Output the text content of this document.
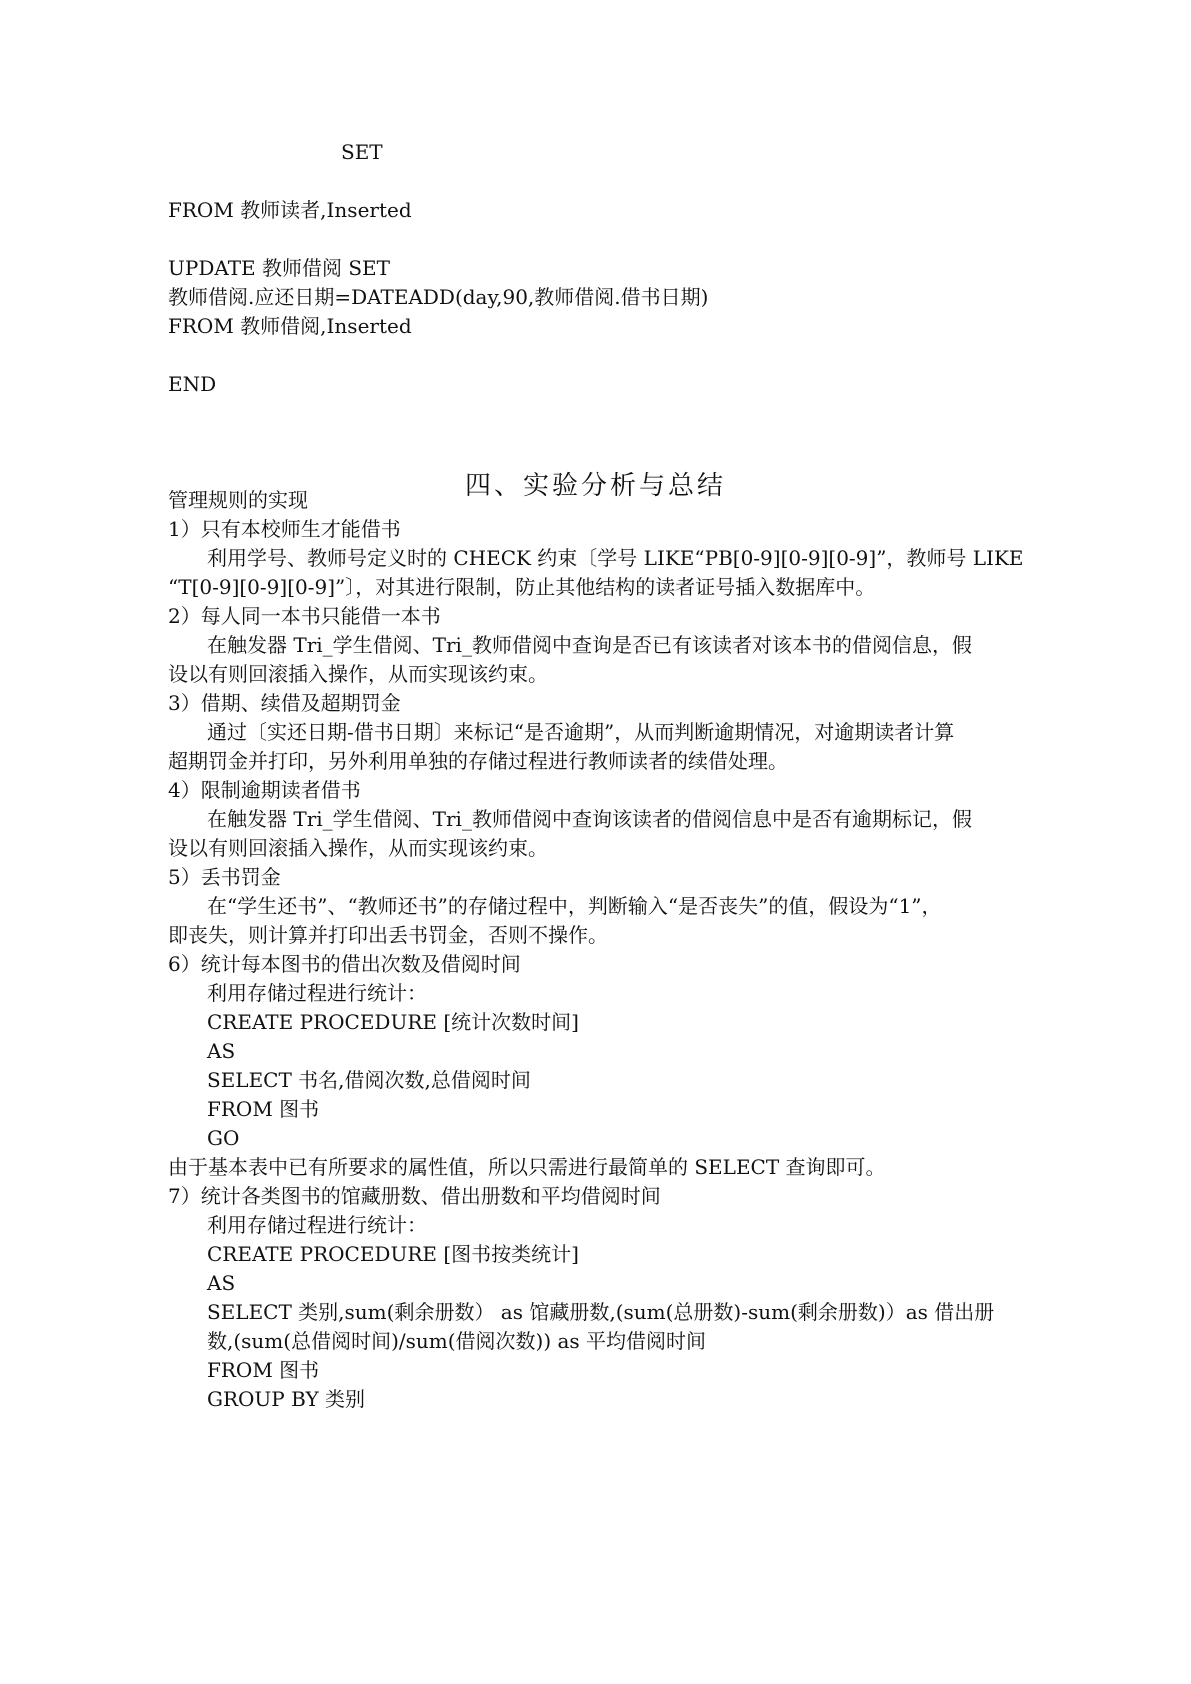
SET
FROM 教师读者,Inserted
UPDATE 教师借阅 SET
教师借阅.应还日期=DATEADD(day,90,教师借阅.借书日期)
FROM 教师借阅,Inserted
END
四、实验分析与总结
管理规则的实现
1）只有本校师生才能借书
利用学号、教师号定义时的 CHECK 约束〔学号 LIKE“PB[0-9][0-9][0-9]”，教师号 LIKE
“T[0-9][0-9][0-9]”〕，对其进行限制，防止其他结构的读者证号插入数据库中。
2）每人同一本书只能借一本书
在触发器 Tri_学生借阅、Tri_教师借阅中查询是否已有该读者对该本书的借阅信息，假
设以有则回滚插入操作，从而实现该约束。
3）借期、续借及超期罚金
通过〔实还日期-借书日期〕来标记“是否逾期”，从而判断逾期情况，对逾期读者计算
超期罚金并打印，另外利用单独的存储过程进行教师读者的续借处理。
4）限制逾期读者借书
在触发器 Tri_学生借阅、Tri_教师借阅中查询该读者的借阅信息中是否有逾期标记，假
设以有则回滚插入操作，从而实现该约束。
5）丢书罚金
在“学生还书”、“教师还书”的存储过程中，判断输入“是否丧失”的值，假设为“1”，
即丧失，则计算并打印出丢书罚金，否则不操作。
6）统计每本图书的借出次数及借阅时间
利用存储过程进行统计：
CREATE PROCEDURE [统计次数时间]
AS
SELECT 书名,借阅次数,总借阅时间
FROM 图书
GO
由于基本表中已有所要求的属性值，所以只需进行最简单的 SELECT 查询即可。
7）统计各类图书的馆藏册数、借出册数和平均借阅时间
利用存储过程进行统计：
CREATE PROCEDURE [图书按类统计]
AS
SELECT 类别,sum(剩余册数） as 馆藏册数,(sum(总册数)-sum(剩余册数)）as 借出册
数,(sum(总借阅时间)/sum(借阅次数)) as 平均借阅时间
FROM 图书
GROUP BY 类别
